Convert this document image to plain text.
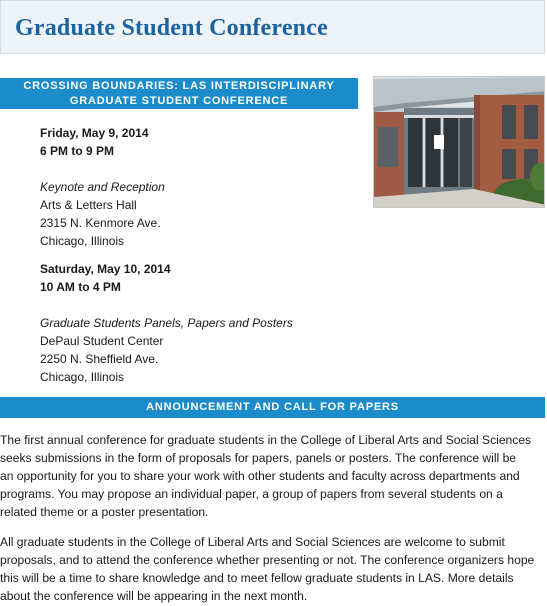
Graduate Student Conference
CROSSING BOUNDARIES: LAS INTERDISCIPLINARY
GRADUATE STUDENT CONFERENCE
Friday, May 9, 2014
6 PM to 9 PM
Keynote and Reception
Arts & Letters Hall
2315 N. Kenmore Ave.
Chicago, Illinois
Saturday, May 10, 2014
10 AM to 4 PM
Graduate Students Panels, Papers and Posters
DePaul Student Center
2250 N. Sheffield Ave.
Chicago, Illinois
ANNOUNCEMENT AND CALL FOR PAPERS
The first annual conference for graduate students in the College of Liberal Arts and Social Sciences
seeks submissions in the form of proposals for papers, panels or posters. The conference will be
an opportunity for you to share your work with other students and faculty across departments and
programs. You may propose an individual paper, a group of papers from several students on a
related theme or a poster presentation.
All graduate students in the College of Liberal Arts and Social Sciences are welcome to submit
proposals, and to attend the conference whether presenting or not. The conference organizers hope
this will be a time to share knowledge and to meet fellow graduate students in LAS. More details
about the conference will be appearing in the next month.
